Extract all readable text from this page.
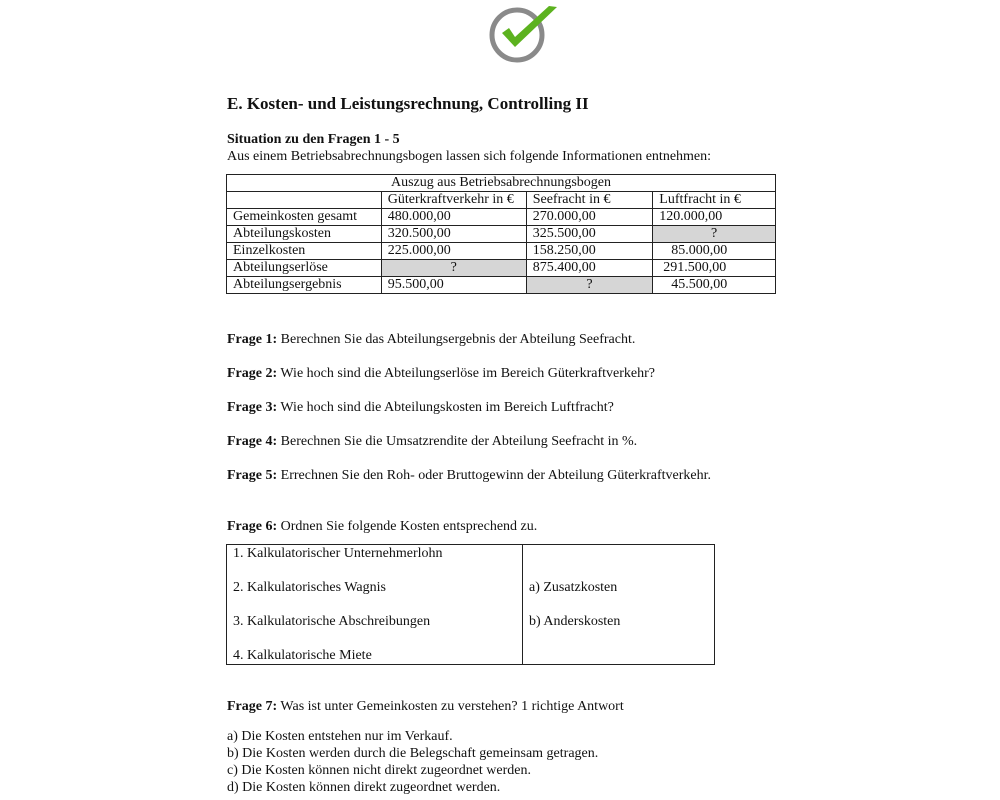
E. Kosten- und Leistungsrechnung, Controlling II
Situation zu den Fragen 1 - 5
Aus einem Betriebsabrechnungsbogen lassen sich folgende Informationen entnehmen:
Auszug aus Betriebsabrechnungsbogen			
	Güterkraftverkehr in €	Seefracht in €	Luftfracht in €
Gemeinkosten gesamt	480.000,00	270.000,00	120.000,00
Abteilungskosten	320.500,00	325.500,00	?
Einzelkosten	225.000,00	158.250,00	85.000,00
Abteilungserlöse	?	875.400,00	291.500,00
Abteilungsergebnis	95.500,00	?	45.500,00
Frage 1: Berechnen Sie das Abteilungsergebnis der Abteilung Seefracht.
Frage 2: Wie hoch sind die Abteilungserlöse im Bereich Güterkraftverkehr?
Frage 3: Wie hoch sind die Abteilungskosten im Bereich Luftfracht?
Frage 4: Berechnen Sie die Umsatzrendite der Abteilung Seefracht in %.
Frage 5: Errechnen Sie den Roh- oder Bruttogewinn der Abteilung Güterkraftverkehr.
Frage 6: Ordnen Sie folgende Kosten entsprechend zu.
1. Kalkulatorischer Unternehmerlohn
2. Kalkulatorisches Wagnis
3. Kalkulatorische Abschreibungen
4. Kalkulatorische Miete

a) Zusatzkosten
b) Anderskosten
Frage 7: Was ist unter Gemeinkosten zu verstehen? 1 richtige Antwort
a) Die Kosten entstehen nur im Verkauf.
b) Die Kosten werden durch die Belegschaft gemeinsam getragen.
c) Die Kosten können nicht direkt zugeordnet werden.
d) Die Kosten können direkt zugeordnet werden.
